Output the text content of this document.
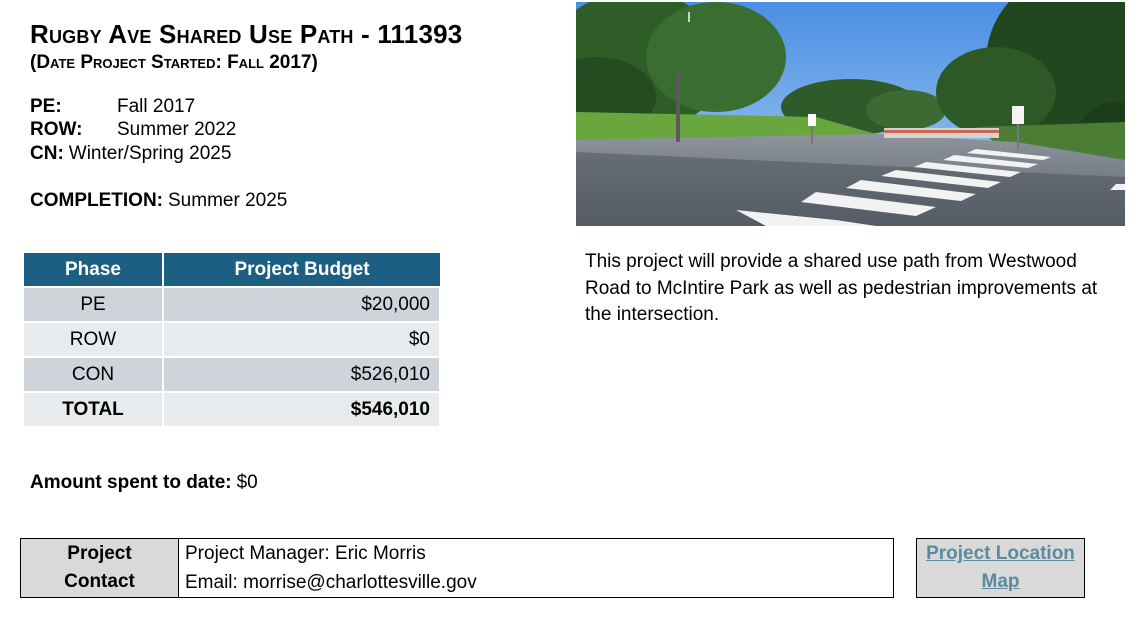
Rugby Ave Shared Use Path - 111393
(Date Project Started: Fall 2017)
PE:	Fall 2017
ROW: Summer 2022
CN: Winter/Spring 2025
COMPLETION: Summer 2025
Phase	Project Budget
PE	$20,000
ROW	$0
CON	$526,010
TOTAL	$546,010
Amount spent to date: $0
This project will provide a shared use path from Westwood Road to McIntire Park as well as pedestrian improvements at the intersection.
Project Contact
Project Manager: Eric Morris
Email: morrise@charlottesville.gov
Project Location Map
